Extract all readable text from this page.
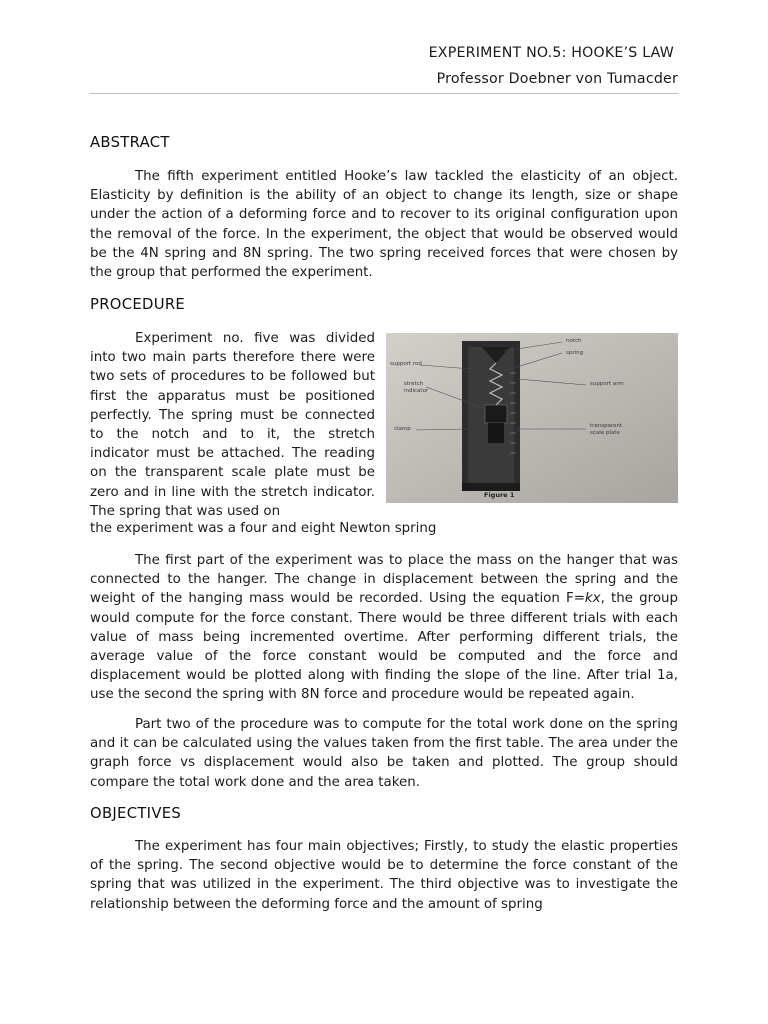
EXPERIMENT NO.5: HOOKE’S LAW
Professor Doebner von Tumacder
ABSTRACT

The fifth experiment entitled Hooke’s law tackled the elasticity of an object. Elasticity by definition is the ability of an object to change its length, size or shape under the action of a deforming force and to recover to its original configuration upon the removal of the force. In the experiment, the object that would be observed would be the 4N spring and 8N spring. The two spring received forces that were chosen by the group that performed the experiment.

PROCEDURE

Experiment no. five was divided into two main parts therefore there were two sets of procedures to be followed but first the apparatus must be positioned perfectly. The spring must be connected to the notch and to it, the stretch indicator must be attached. The reading on the transparent scale plate must be zero and in line with the stretch indicator. The spring that was used on

the experiment was a four and eight Newton spring

notch
spring
support rod
stretch
indicator
support arm
clamp	transparent
scale plate
Figure 1

The first part of the experiment was to place the mass on the hanger that was connected to the hanger. The change in displacement between the spring and the weight of the hanging mass would be recorded. Using the equation F=kx, the group would compute for the force constant. There would be three different trials with each value of mass being incremented overtime. After performing different trials, the average value of the force constant would be computed and the force and displacement would be plotted along with finding the slope of the line. After trial 1a, use the second the spring with 8N force and procedure would be repeated again.

Part two of the procedure was to compute for the total work done on the spring and it can be calculated using the values taken from the first table. The area under the graph force vs displacement would also be taken and plotted. The group should compare the total work done and the area taken.

OBJECTIVES

The experiment has four main objectives; Firstly, to study the elastic properties of the spring. The second objective would be to determine the force constant of the spring that was utilized in the experiment. The third objective was to investigate the relationship between the deforming force and the amount of spring
